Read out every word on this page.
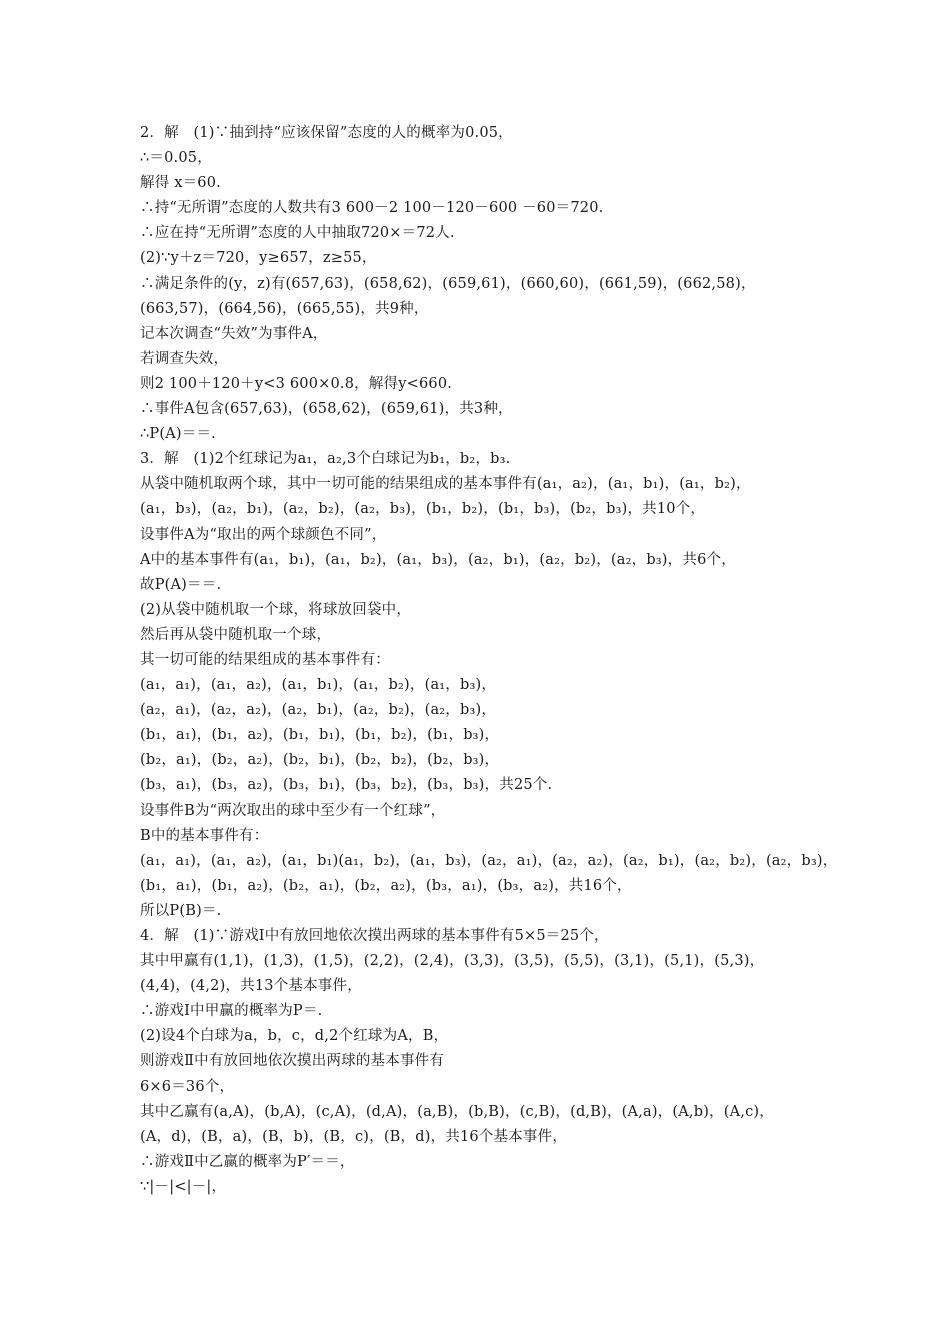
2．解　(1)∵抽到持“应该保留”态度的人的概率为0.05，
∴＝0.05，
解得 x＝60.
∴持“无所谓”态度的人数共有3 600－2 100－120－600 －60＝720.
∴应在持“无所谓”态度的人中抽取720×＝72人.
(2)∵y＋z＝720，y≥657，z≥55，
∴满足条件的(y，z)有(657,63)，(658,62)，(659,61)，(660,60)，(661,59)，(662,58)，
(663,57)，(664,56)，(665,55)，共9种，
记本次调查“失效”为事件A，
若调查失效，
则2 100＋120＋y<3 600×0.8，解得y<660.
∴事件A包含(657,63)，(658,62)，(659,61)，共3种，
∴P(A)＝＝.
3．解　(1)2个红球记为a₁，a₂,3个白球记为b₁，b₂，b₃.
从袋中随机取两个球，其中一切可能的结果组成的基本事件有(a₁，a₂)，(a₁，b₁)，(a₁，b₂)，
(a₁，b₃)，(a₂，b₁)，(a₂，b₂)，(a₂，b₃)，(b₁，b₂)，(b₁，b₃)，(b₂，b₃)，共10个，
设事件A为“取出的两个球颜色不同”，
A中的基本事件有(a₁，b₁)，(a₁，b₂)，(a₁，b₃)，(a₂，b₁)，(a₂，b₂)，(a₂，b₃)，共6个，
故P(A)＝＝.
(2)从袋中随机取一个球，将球放回袋中，
然后再从袋中随机取一个球，
其一切可能的结果组成的基本事件有：
(a₁，a₁)，(a₁，a₂)，(a₁，b₁)，(a₁，b₂)，(a₁，b₃)，
(a₂，a₁)，(a₂，a₂)，(a₂，b₁)，(a₂，b₂)，(a₂，b₃)，
(b₁，a₁)，(b₁，a₂)，(b₁，b₁)，(b₁，b₂)，(b₁，b₃)，
(b₂，a₁)，(b₂，a₂)，(b₂，b₁)，(b₂，b₂)，(b₂，b₃)，
(b₃，a₁)，(b₃，a₂)，(b₃，b₁)，(b₃，b₂)，(b₃，b₃)，共25个.
设事件B为“两次取出的球中至少有一个红球”，
B中的基本事件有：
(a₁，a₁)，(a₁，a₂)，(a₁，b₁)(a₁，b₂)，(a₁，b₃)，(a₂，a₁)，(a₂，a₂)，(a₂，b₁)，(a₂，b₂)，(a₂，b₃)，
(b₁，a₁)，(b₁，a₂)，(b₂，a₁)，(b₂，a₂)，(b₃，a₁)，(b₃，a₂)，共16个，
所以P(B)＝.
4．解　(1)∵游戏Ⅰ中有放回地依次摸出两球的基本事件有5×5＝25个，
其中甲赢有(1,1)，(1,3)，(1,5)，(2,2)，(2,4)，(3,3)，(3,5)，(5,5)，(3,1)，(5,1)，(5,3)，
(4,4)，(4,2)，共13个基本事件，
∴游戏Ⅰ中甲赢的概率为P＝.
(2)设4个白球为a，b，c，d,2个红球为A，B，
则游戏Ⅱ中有放回地依次摸出两球的基本事件有
6×6＝36个，
其中乙赢有(a,A)，(b,A)，(c,A)，(d,A)，(a,B)，(b,B)，(c,B)，(d,B)，(A,a)，(A,b)，(A,c)，
(A，d)，(B，a)，(B，b)，(B，c)，(B，d)，共16个基本事件，
∴游戏Ⅱ中乙赢的概率为P′＝＝，
∵|－|<|－|，
